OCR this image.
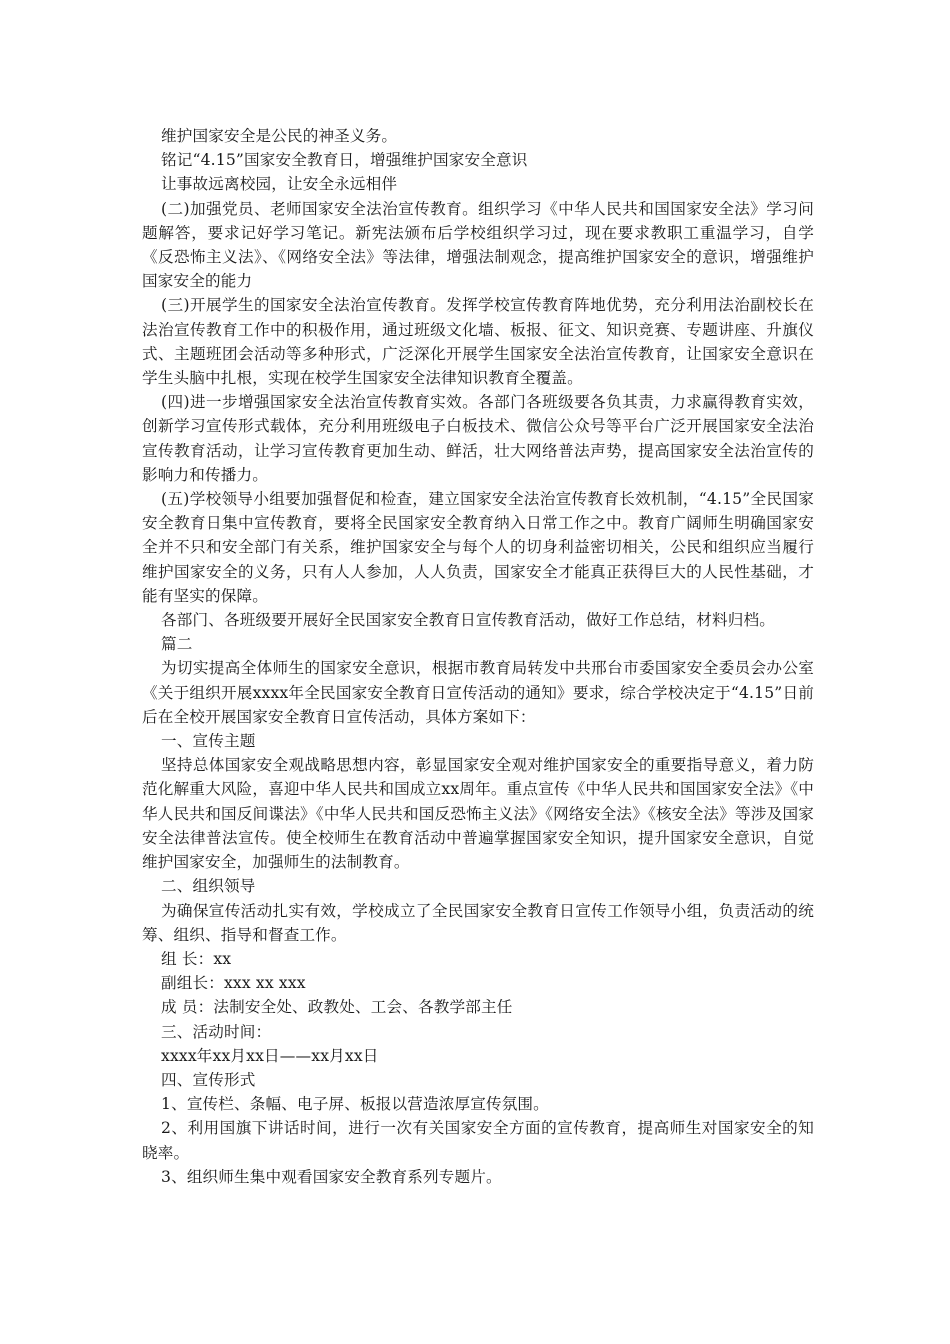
维护国家安全是公民的神圣义务。

铭记“4.15”国家安全教育日，增强维护国家安全意识

让事故远离校园，让安全永远相伴

(二)加强党员、老师国家安全法治宣传教育。组织学习《中华人民共和国国家安全法》学习问题解答，要求记好学习笔记。新宪法颁布后学校组织学习过，现在要求教职工重温学习，自学《反恐怖主义法》、《网络安全法》等法律，增强法制观念，提高维护国家安全的意识，增强维护国家安全的能力

(三)开展学生的国家安全法治宣传教育。发挥学校宣传教育阵地优势，充分利用法治副校长在法治宣传教育工作中的积极作用，通过班级文化墙、板报、征文、知识竞赛、专题讲座、升旗仪式、主题班团会活动等多种形式，广泛深化开展学生国家安全法治宣传教育，让国家安全意识在学生头脑中扎根，实现在校学生国家安全法律知识教育全覆盖。

(四)进一步增强国家安全法治宣传教育实效。各部门各班级要各负其责，力求赢得教育实效，创新学习宣传形式载体，充分利用班级电子白板技术、微信公众号等平台广泛开展国家安全法治宣传教育活动，让学习宣传教育更加生动、鲜活，壮大网络普法声势，提高国家安全法治宣传的影响力和传播力。

(五)学校领导小组要加强督促和检查，建立国家安全法治宣传教育长效机制，“4.15”全民国家安全教育日集中宣传教育，要将全民国家安全教育纳入日常工作之中。教育广阔师生明确国家安全并不只和安全部门有关系，维护国家安全与每个人的切身利益密切相关，公民和组织应当履行维护国家安全的义务，只有人人参加，人人负责，国家安全才能真正获得巨大的人民性基础，才能有坚实的保障。

各部门、各班级要开展好全民国家安全教育日宣传教育活动，做好工作总结，材料归档。

篇二

为切实提高全体师生的国家安全意识，根据市教育局转发中共邢台市委国家安全委员会办公室《关于组织开展xxxx年全民国家安全教育日宣传活动的通知》要求，综合学校决定于“4.15”日前后在全校开展国家安全教育日宣传活动，具体方案如下：

一、宣传主题

坚持总体国家安全观战略思想内容，彰显国家安全观对维护国家安全的重要指导意义，着力防范化解重大风险，喜迎中华人民共和国成立xx周年。重点宣传《中华人民共和国国家安全法》《中华人民共和国反间谍法》《中华人民共和国反恐怖主义法》《网络安全法》《核安全法》等涉及国家安全法律普法宣传。使全校师生在教育活动中普遍掌握国家安全知识，提升国家安全意识，自觉维护国家安全，加强师生的法制教育。

二、组织领导

为确保宣传活动扎实有效，学校成立了全民国家安全教育日宣传工作领导小组，负责活动的统筹、组织、指导和督查工作。

组 长：xx

副组长：xxx xx xxx

成 员：法制安全处、政教处、工会、各教学部主任

三、活动时间：

xxxx年xx月xx日——xx月xx日

四、宣传形式

1、宣传栏、条幅、电子屏、板报以营造浓厚宣传氛围。

2、利用国旗下讲话时间，进行一次有关国家安全方面的宣传教育，提高师生对国家安全的知晓率。

3、组织师生集中观看国家安全教育系列专题片。
